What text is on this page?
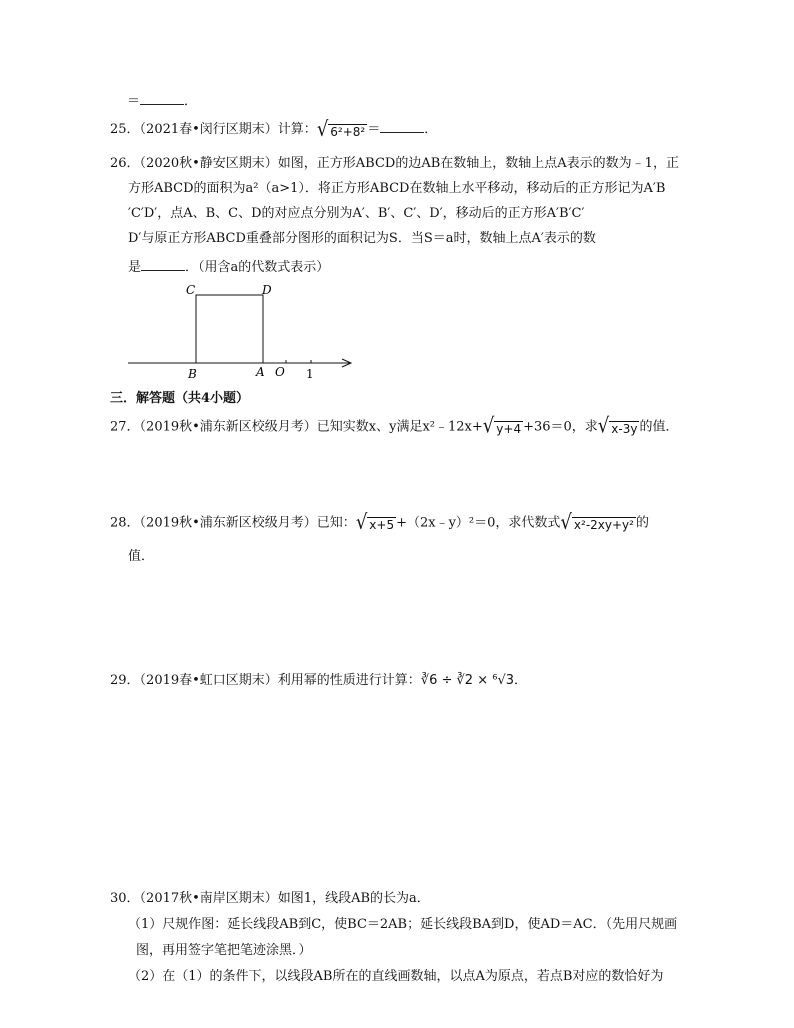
＝	．
25．（2021春•闵行区期末）计算： √ 6²+8² ＝	．
26．（2020秋•静安区期末）如图，正方形ABCD的边AB在数轴上，数轴上点A表示的数为﹣1，正
方形ABCD的面积为a²（a>1）．将正方形ABCD在数轴上水平移动，移动后的正方形记为A′B
′C′D′，点A、B、C、D的对应点分别为A′、B′、C′、D′，移动后的正方形A′B′C′
D′与原正方形ABCD重叠部分图形的面积记为S．当S＝a时，数轴上点A′表示的数
是	．（用含a的代数式表示）
C	D
B	A O 1
三．解答题（共4小题）
27．（2019秋•浦东新区校级月考）已知实数x、y满足x²﹣12x+ √ y+4 +36＝0，求 √ x-3y 的值．
28．（2019秋•浦东新区校级月考）已知： √ x+5 +（2x﹣y）²＝0，求代数式 √ x²-2xy+y² 的
值．
29．（2019春•虹口区期末）利用幂的性质进行计算：∛6 ÷ ∛2 × ⁶√3．
30．（2017秋•南岸区期末）如图1，线段AB的长为a．
（1）尺规作图：延长线段AB到C，使BC＝2AB；延长线段BA到D，使AD＝AC．（先用尺规画
图，再用签字笔把笔迹涂黑．）
（2）在（1）的条件下，以线段AB所在的直线画数轴，以点A为原点，若点B对应的数恰好为
